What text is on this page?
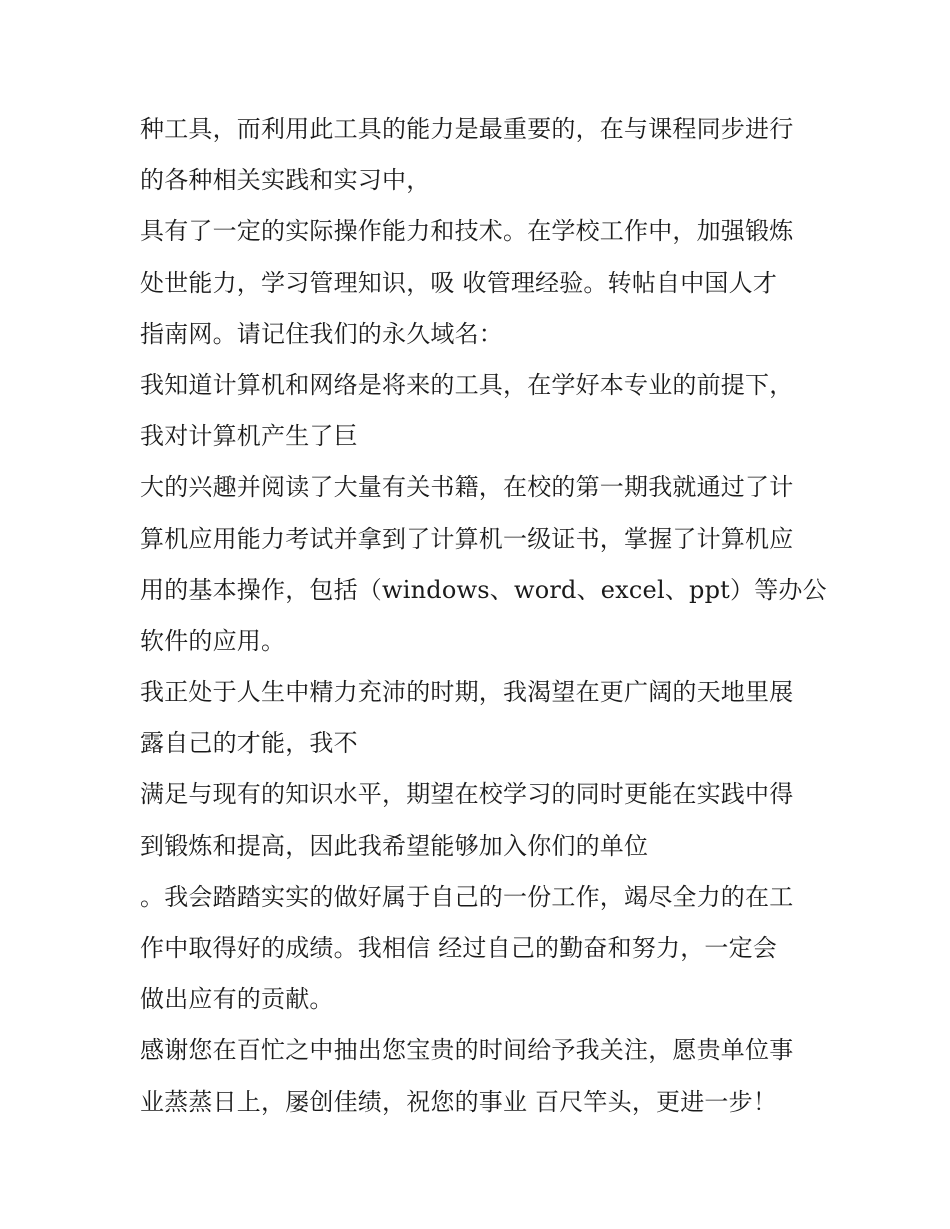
种工具，而利用此工具的能力是最重要的，在与课程同步进行
的各种相关实践和实习中，
具有了一定的实际操作能力和技术。在学校工作中，加强锻炼
处世能力，学习管理知识，吸 收管理经验。转帖自中国人才
指南网。请记住我们的永久域名：
我知道计算机和网络是将来的工具，在学好本专业的前提下，
我对计算机产生了巨
大的兴趣并阅读了大量有关书籍，在校的第一期我就通过了计
算机应用能力考试并拿到了计算机一级证书，掌握了计算机应
用的基本操作，包括（windows、word、excel、ppt）等办公
软件的应用。
我正处于人生中精力充沛的时期，我渴望在更广阔的天地里展
露自己的才能，我不
满足与现有的知识水平，期望在校学习的同时更能在实践中得
到锻炼和提高，因此我希望能够加入你们的单位
。我会踏踏实实的做好属于自己的一份工作，竭尽全力的在工
作中取得好的成绩。我相信 经过自己的勤奋和努力，一定会
做出应有的贡献。
感谢您在百忙之中抽出您宝贵的时间给予我关注，愿贵单位事
业蒸蒸日上，屡创佳绩，祝您的事业 百尺竿头，更进一步！
